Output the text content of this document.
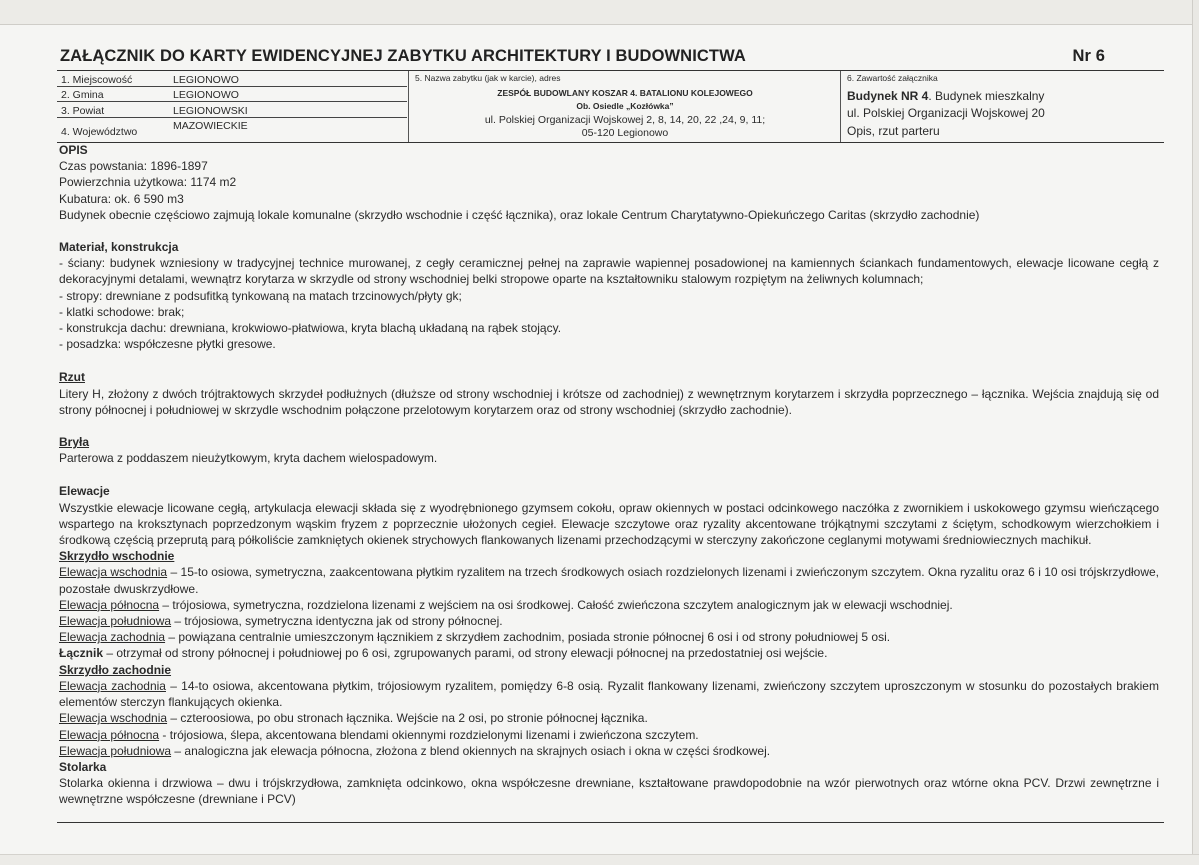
ZAŁĄCZNIK DO KARTY EWIDENCYJNEJ ZABYTKU ARCHITEKTURY I BUDOWNICTWA	Nr 6
1. Miejscowość	LEGIONOWO
2. Gmina	LEGIONOWO
3. Powiat	LEGIONOWSKI
4. Województwo	MAZOWIECKIE
5. Nazwa zabytku (jak w karcie), adres
ZESPÓŁ BUDOWLANY KOSZAR 4. BATALIONU KOLEJOWEGO
Ob. Osiedle „Kozłówka”
ul. Polskiej Organizacji Wojskowej 2, 8, 14, 20, 22 ,24, 9, 11;
05-120 Legionowo
6. Zawartość załącznika
Budynek NR 4. Budynek mieszkalny
ul. Polskiej Organizacji Wojskowej 20
Opis, rzut parteru

OPIS

Czas powstania: 1896-1897

Powierzchnia użytkowa: 1174 m2

Kubatura: ok. 6 590 m3

Budynek obecnie częściowo zajmują lokale komunalne (skrzydło wschodnie i część łącznika), oraz lokale Centrum Charytatywno-Opiekuńczego Caritas (skrzydło zachodnie)

Materiał, konstrukcja

- ściany: budynek wzniesiony w tradycyjnej technice murowanej, z cegły ceramicznej pełnej na zaprawie wapiennej posadowionej na kamiennych ściankach fundamentowych, elewacje licowane cegłą z dekoracyjnymi detalami, wewnątrz korytarza w skrzydle od strony wschodniej belki stropowe oparte na kształtowniku stalowym rozpiętym na żeliwnych kolumnach;

- stropy: drewniane z podsufitką tynkowaną na matach trzcinowych/płyty gk;

- klatki schodowe: brak;

- konstrukcja dachu: drewniana, krokwiowo-płatwiowa, kryta blachą układaną na rąbek stojący.

- posadzka: współczesne płytki gresowe.

Rzut

Litery H, złożony z dwóch trójtraktowych skrzydeł podłużnych (dłuższe od strony wschodniej i krótsze od zachodniej) z wewnętrznym korytarzem i skrzydła poprzecznego – łącznika. Wejścia znajdują się od strony północnej i południowej w skrzydle wschodnim połączone przelotowym korytarzem oraz od strony wschodniej (skrzydło zachodnie).

Bryła

Parterowa z poddaszem nieużytkowym, kryta dachem wielospadowym.

Elewacje

Wszystkie elewacje licowane cegłą, artykulacja elewacji składa się z wyodrębnionego gzymsem cokołu, opraw okiennych w postaci odcinkowego naczółka z zwornikiem i uskokowego gzymsu wieńczącego wspartego na kroksztynach poprzedzonym wąskim fryzem z poprzecznie ułożonych cegieł. Elewacje szczytowe oraz ryzality akcentowane trójkątnymi szczytami z ściętym, schodkowym wierzchołkiem i środkową częścią przeprutą parą półkoliście zamkniętych okienek strychowych flankowanych lizenami przechodzącymi w sterczyny zakończone ceglanymi motywami średniowiecznych machikuł.

Skrzydło wschodnie

Elewacja wschodnia – 15-to osiowa, symetryczna, zaakcentowana płytkim ryzalitem na trzech środkowych osiach rozdzielonych lizenami i zwieńczonym szczytem. Okna ryzalitu oraz 6 i 10 osi trójskrzydłowe, pozostałe dwuskrzydłowe.

Elewacja północna – trójosiowa, symetryczna, rozdzielona lizenami z wejściem na osi środkowej. Całość zwieńczona szczytem analogicznym jak w elewacji wschodniej.

Elewacja południowa – trójosiowa, symetryczna identyczna jak od strony północnej.

Elewacja zachodnia – powiązana centralnie umieszczonym łącznikiem z skrzydłem zachodnim, posiada stronie północnej 6 osi i od strony południowej 5 osi.

Łącznik – otrzymał od strony północnej i południowej po 6 osi, zgrupowanych parami, od strony elewacji północnej na przedostatniej osi wejście.

Skrzydło zachodnie

Elewacja zachodnia – 14-to osiowa, akcentowana płytkim, trójosiowym ryzalitem, pomiędzy 6-8 osią. Ryzalit flankowany lizenami, zwieńczony szczytem uproszczonym w stosunku do pozostałych brakiem elementów sterczyn flankujących okienka.

Elewacja wschodnia – czteroosiowa, po obu stronach łącznika. Wejście na 2 osi, po stronie północnej łącznika.

Elewacja północna - trójosiowa, ślepa, akcentowana blendami okiennymi rozdzielonymi lizenami i zwieńczona szczytem.

Elewacja południowa – analogiczna jak elewacja północna, złożona z blend okiennych na skrajnych osiach i okna w części środkowej.

Stolarka

Stolarka okienna i drzwiowa – dwu i trójskrzydłowa, zamknięta odcinkowo, okna współczesne drewniane, kształtowane prawdopodobnie na wzór pierwotnych oraz wtórne okna PCV. Drzwi zewnętrzne i wewnętrzne współczesne (drewniane i PCV)
